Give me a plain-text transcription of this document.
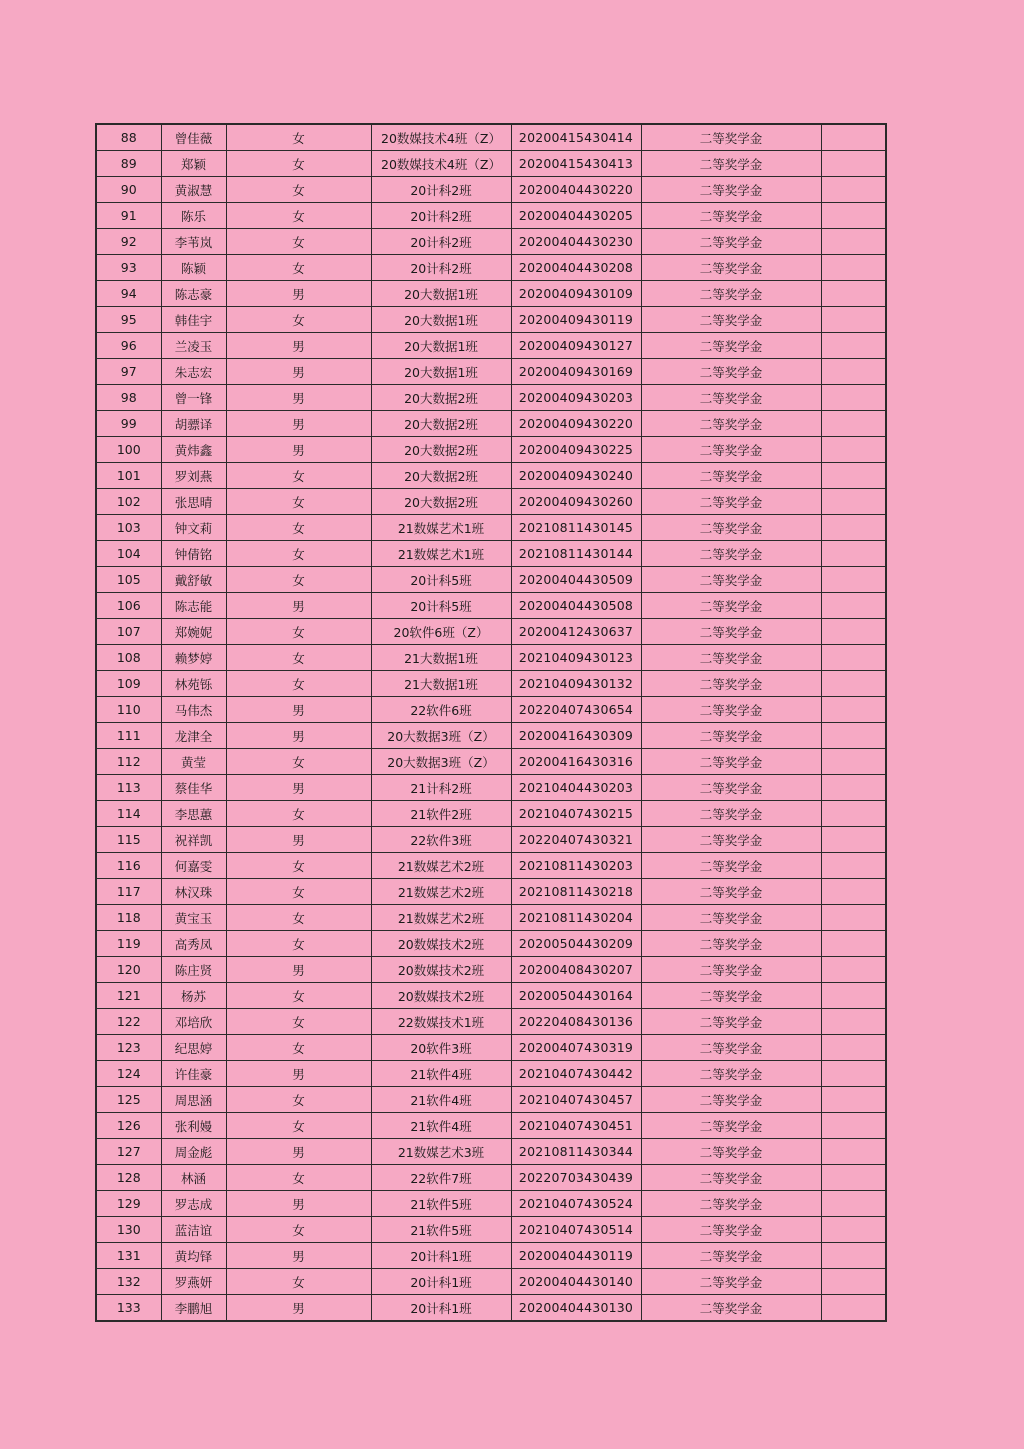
88	曾佳薇	女	20数媒技术4班（Z）	20200415430414	二等奖学金	
89	郑颖	女	20数媒技术4班（Z）	20200415430413	二等奖学金	
90	黄淑慧	女	20计科2班	20200404430220	二等奖学金	
91	陈乐	女	20计科2班	20200404430205	二等奖学金	
92	李苇岚	女	20计科2班	20200404430230	二等奖学金	
93	陈颖	女	20计科2班	20200404430208	二等奖学金	
94	陈志豪	男	20大数据1班	20200409430109	二等奖学金	
95	韩佳宇	女	20大数据1班	20200409430119	二等奖学金	
96	兰凌玉	男	20大数据1班	20200409430127	二等奖学金	
97	朱志宏	男	20大数据1班	20200409430169	二等奖学金	
98	曾一锋	男	20大数据2班	20200409430203	二等奖学金	
99	胡骠译	男	20大数据2班	20200409430220	二等奖学金	
100	黄炜鑫	男	20大数据2班	20200409430225	二等奖学金	
101	罗刘燕	女	20大数据2班	20200409430240	二等奖学金	
102	张思晴	女	20大数据2班	20200409430260	二等奖学金	
103	钟文莉	女	21数媒艺术1班	20210811430145	二等奖学金	
104	钟倩铭	女	21数媒艺术1班	20210811430144	二等奖学金	
105	戴舒敏	女	20计科5班	20200404430509	二等奖学金	
106	陈志能	男	20计科5班	20200404430508	二等奖学金	
107	郑婉妮	女	20软件6班（Z）	20200412430637	二等奖学金	
108	赖梦婷	女	21大数据1班	20210409430123	二等奖学金	
109	林苑铄	女	21大数据1班	20210409430132	二等奖学金	
110	马伟杰	男	22软件6班	20220407430654	二等奖学金	
111	龙津全	男	20大数据3班（Z）	20200416430309	二等奖学金	
112	黄莹	女	20大数据3班（Z）	20200416430316	二等奖学金	
113	蔡佳华	男	21计科2班	20210404430203	二等奖学金	
114	李思蕙	女	21软件2班	20210407430215	二等奖学金	
115	祝祥凯	男	22软件3班	20220407430321	二等奖学金	
116	何嘉雯	女	21数媒艺术2班	20210811430203	二等奖学金	
117	林汉珠	女	21数媒艺术2班	20210811430218	二等奖学金	
118	黄宝玉	女	21数媒艺术2班	20210811430204	二等奖学金	
119	高秀凤	女	20数媒技术2班	20200504430209	二等奖学金	
120	陈庄贤	男	20数媒技术2班	20200408430207	二等奖学金	
121	杨苏	女	20数媒技术2班	20200504430164	二等奖学金	
122	邓培欣	女	22数媒技术1班	20220408430136	二等奖学金	
123	纪思婷	女	20软件3班	20200407430319	二等奖学金	
124	许佳豪	男	21软件4班	20210407430442	二等奖学金	
125	周思涵	女	21软件4班	20210407430457	二等奖学金	
126	张利嫚	女	21软件4班	20210407430451	二等奖学金	
127	周金彪	男	21数媒艺术3班	20210811430344	二等奖学金	
128	林涵	女	22软件7班	20220703430439	二等奖学金	
129	罗志成	男	21软件5班	20210407430524	二等奖学金	
130	蓝洁谊	女	21软件5班	20210407430514	二等奖学金	
131	黄均铎	男	20计科1班	20200404430119	二等奖学金	
132	罗燕妍	女	20计科1班	20200404430140	二等奖学金	
133	李鹏旭	男	20计科1班	20200404430130	二等奖学金	
